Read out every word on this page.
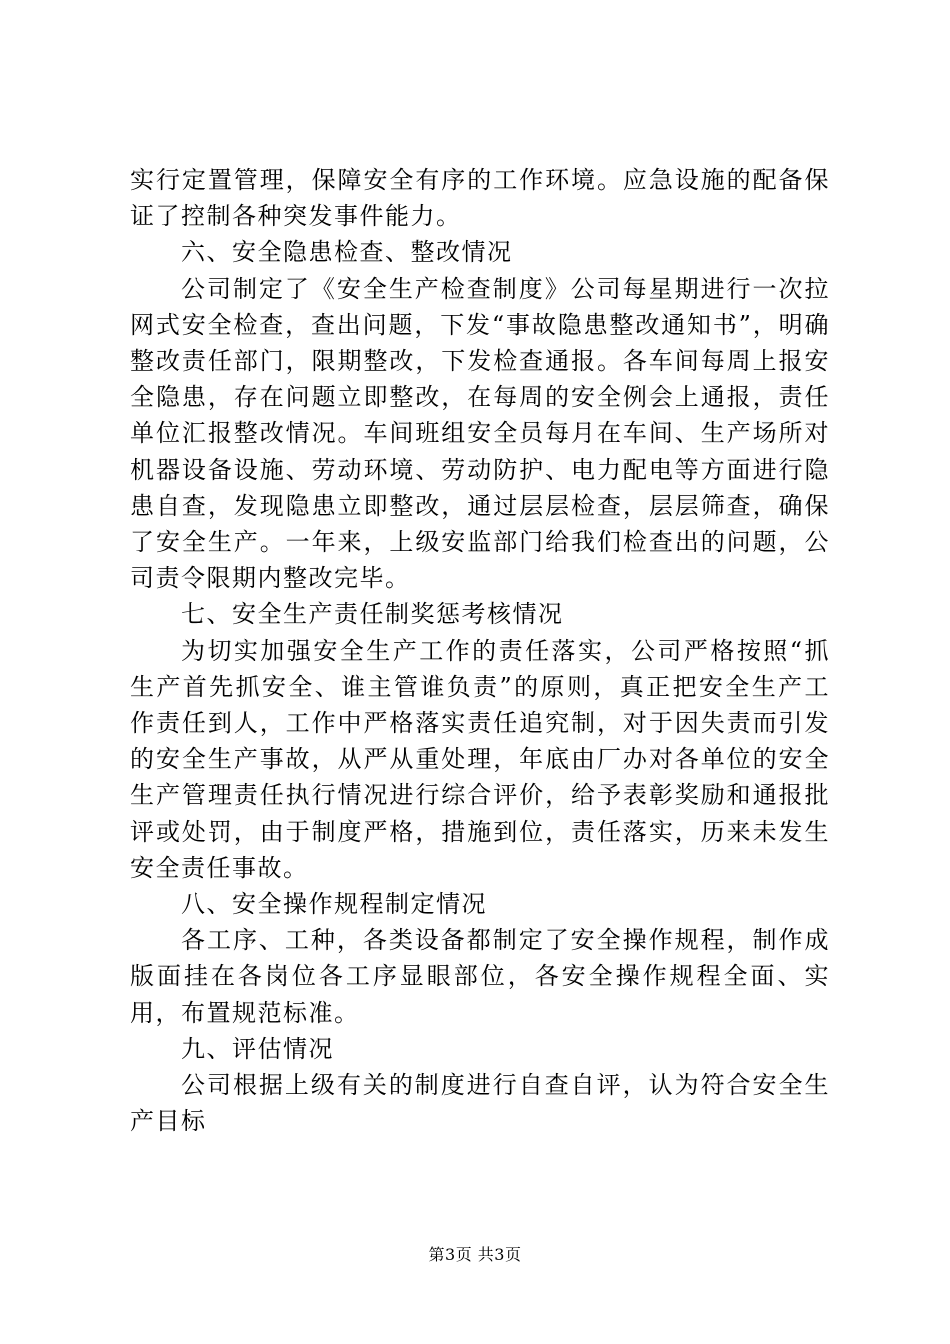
实行定置管理，保障安全有序的工作环境。应急设施的配备保证了控制各种突发事件能力。

六、安全隐患检查、整改情况

公司制定了《安全生产检查制度》公司每星期进行一次拉网式安全检查，查出问题，下发“事故隐患整改通知书”，明确整改责任部门，限期整改，下发检查通报。各车间每周上报安全隐患，存在问题立即整改，在每周的安全例会上通报，责任单位汇报整改情况。车间班组安全员每月在车间、生产场所对机器设备设施、劳动环境、劳动防护、电力配电等方面进行隐患自查，发现隐患立即整改，通过层层检查，层层筛查，确保了安全生产。一年来，上级安监部门给我们检查出的问题，公司责令限期内整改完毕。

七、安全生产责任制奖惩考核情况

为切实加强安全生产工作的责任落实，公司严格按照“抓生产首先抓安全、谁主管谁负责”的原则，真正把安全生产工作责任到人，工作中严格落实责任追究制，对于因失责而引发的安全生产事故，从严从重处理，年底由厂办对各单位的安全生产管理责任执行情况进行综合评价，给予表彰奖励和通报批评或处罚，由于制度严格，措施到位，责任落实，历来未发生安全责任事故。

八、安全操作规程制定情况

各工序、工种，各类设备都制定了安全操作规程，制作成版面挂在各岗位各工序显眼部位，各安全操作规程全面、实用，布置规范标准。

九、评估情况

公司根据上级有关的制度进行自查自评，认为符合安全生产目标

第3页 共3页
